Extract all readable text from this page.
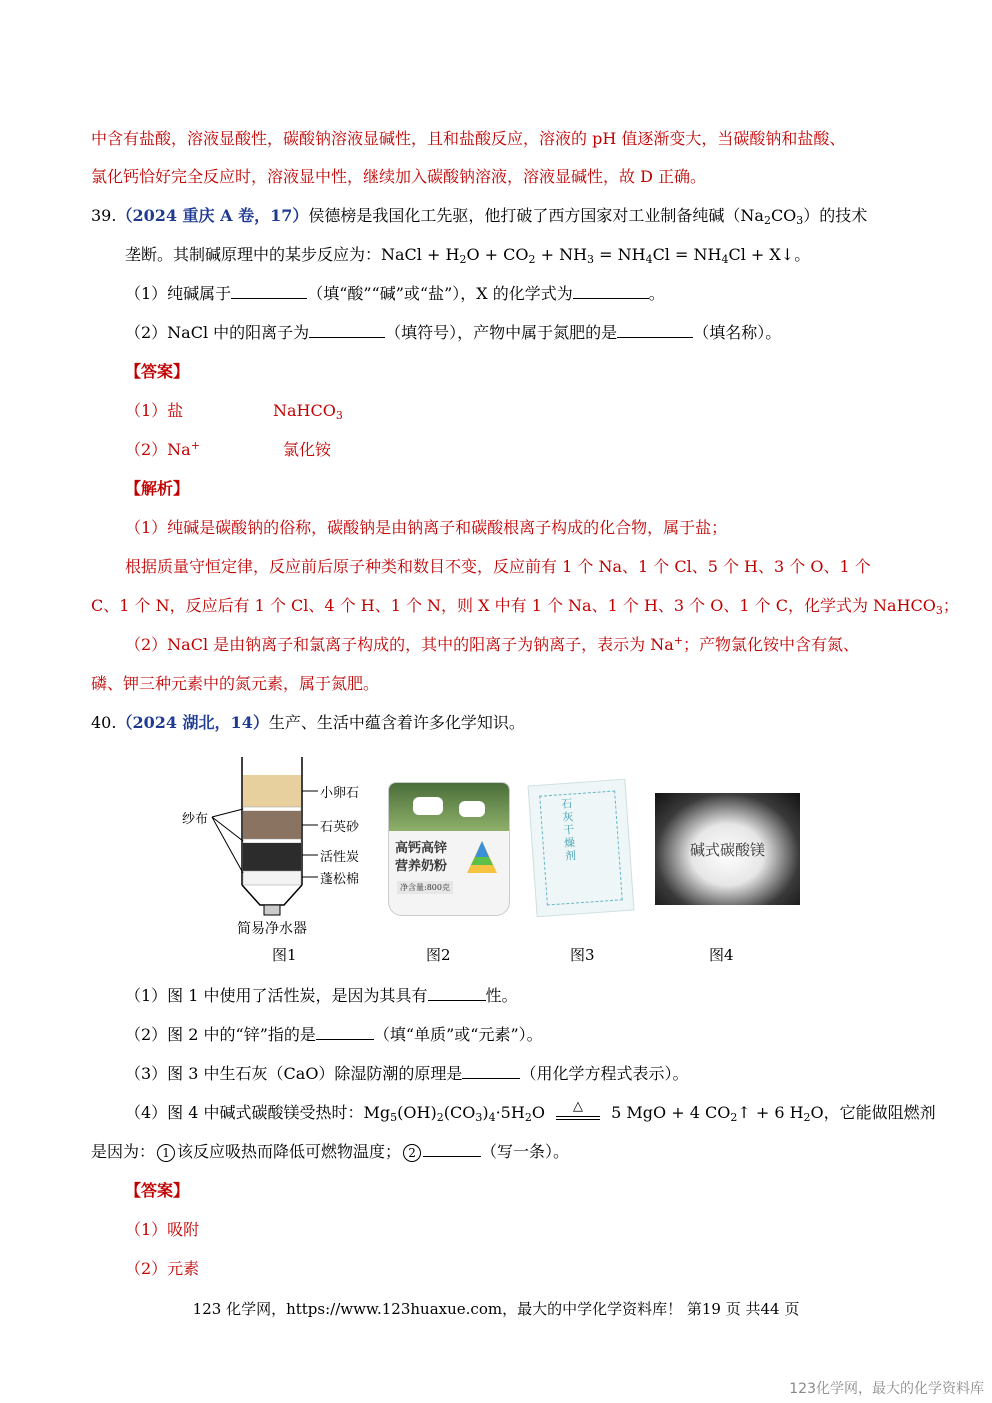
中含有盐酸，溶液显酸性，碳酸钠溶液显碱性，且和盐酸反应，溶液的 pH 值逐渐变大，当碳酸钠和盐酸、
氯化钙恰好完全反应时，溶液显中性，继续加入碳酸钠溶液，溶液显碱性，故 D 正确。
39.（2024 重庆 A 卷，17）侯德榜是我国化工先驱，他打破了西方国家对工业制备纯碱$(Na_2CO_3)$的技术
垄断。其制碱原理中的某步反应为：NaCl + $H_2O + CO_2 + NH_3 = NH_4Cl = NH_4Cl$ + X↓。
（1）纯碱属于	（填“酸”“碱”或“盐”），X 的化学式为	。
（2）NaCl 中的阳离子为	（填符号），产物中属于氮肥的是	（填名称）。
【答案】
（1）盐	NaHCO$_3$
（2）Na+	氯化铵
【解析】
（1）纯碱是碳酸钠的俗称，碳酸钠是由钠离子和碳酸根离子构成的化合物，属于盐；
根据质量守恒定律，反应前后原子种类和数目不变，反应前有 1 个 Na、1 个 Cl、5 个 H、3 个 O、1 个
C、1 个 N，反应后有 1 个 Cl、4 个 H、1 个 N，则 X 中有 1 个 Na、1 个 H、3 个 O、1 个 C，化学式为 NaHCO$_3$；
（2）NaCl 是由钠离子和氯离子构成的，其中的阳离子为钠离子，表示为 Na+；产物氯化铵中含有氮、
磷、钾三种元素中的氮元素，属于氮肥。
40.（2024 湖北，14）生产、生活中蕴含着许多化学知识。
小卵石
石英砂
活性炭
蓬松棉
纱布
简易净水器
图1
高钙高锌
营养奶粉
净含量:800克
图2
石灰干燥剂
图3
碱式碳酸镁
图4
（1）图 1 中使用了活性炭，是因为其具有	性。
（2）图 2 中的“锌”指的是	（填“单质”或“元素”）。
（3）图 3 中生石灰（CaO）除湿防潮的原理是	（用化学方程式表示）。
（4）图 4 中碱式碳酸镁受热时：$Mg_5(OH)_2(CO_3)_4\cdot 5H_2O$ △ 5 MgO + 4 $CO_2↑ + 6$ $H_2O$，它能做阻燃剂
是因为： 1 该反应吸热而降低可燃物温度； 2	（写一条）。
【答案】
（1）吸附
（2）元素
123 化学网，https://www.123huaxue.com，最大的中学化学资料库！ 第19 页 共44 页
123化学网，最大的化学资料库
